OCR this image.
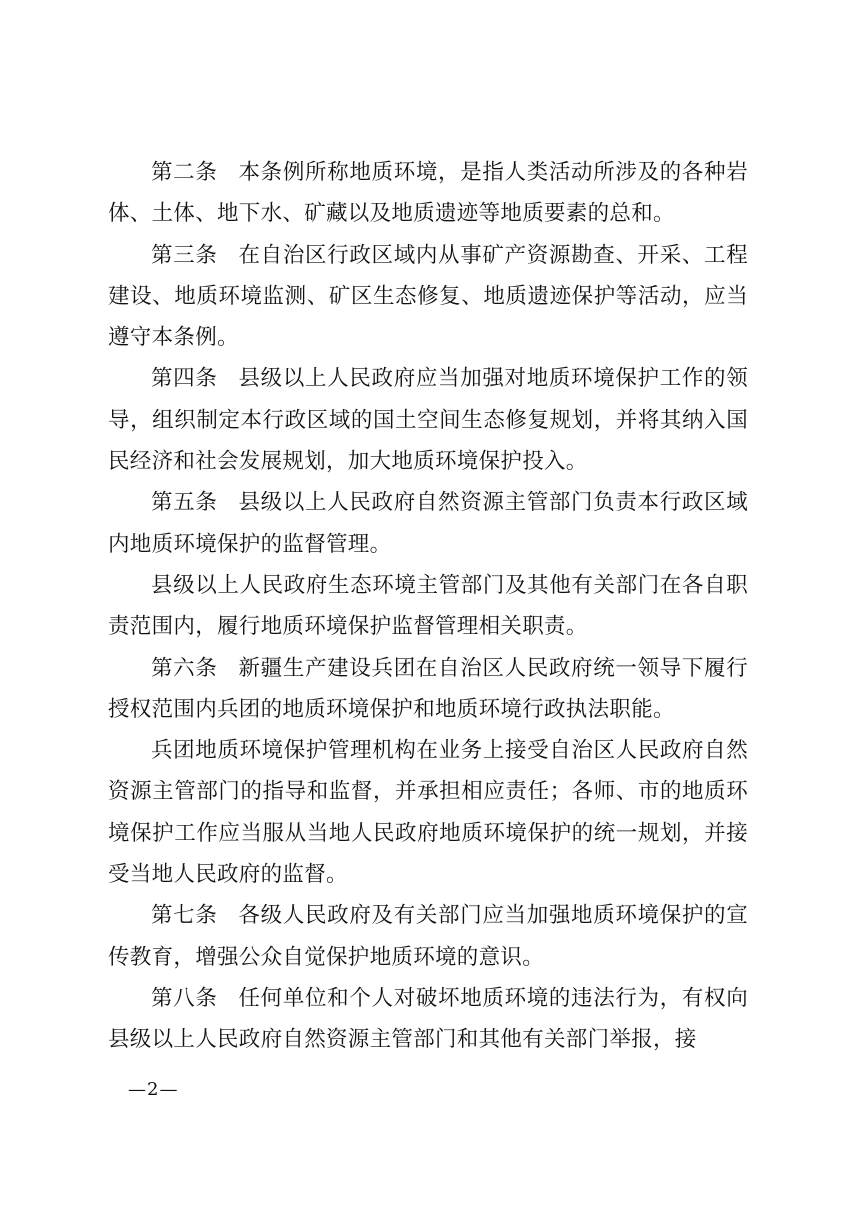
第二条 本条例所称地质环境，是指人类活动所涉及的各种岩体、土体、地下水、矿藏以及地质遗迹等地质要素的总和。

第三条 在自治区行政区域内从事矿产资源勘查、开采、工程建设、地质环境监测、矿区生态修复、地质遗迹保护等活动，应当遵守本条例。

第四条 县级以上人民政府应当加强对地质环境保护工作的领导，组织制定本行政区域的国土空间生态修复规划，并将其纳入国民经济和社会发展规划，加大地质环境保护投入。

第五条 县级以上人民政府自然资源主管部门负责本行政区域内地质环境保护的监督管理。

县级以上人民政府生态环境主管部门及其他有关部门在各自职责范围内，履行地质环境保护监督管理相关职责。

第六条 新疆生产建设兵团在自治区人民政府统一领导下履行授权范围内兵团的地质环境保护和地质环境行政执法职能。

兵团地质环境保护管理机构在业务上接受自治区人民政府自然资源主管部门的指导和监督，并承担相应责任；各师、市的地质环境保护工作应当服从当地人民政府地质环境保护的统一规划，并接受当地人民政府的监督。

第七条 各级人民政府及有关部门应当加强地质环境保护的宣传教育，增强公众自觉保护地质环境的意识。

第八条 任何单位和个人对破坏地质环境的违法行为，有权向县级以上人民政府自然资源主管部门和其他有关部门举报，接

—2—
